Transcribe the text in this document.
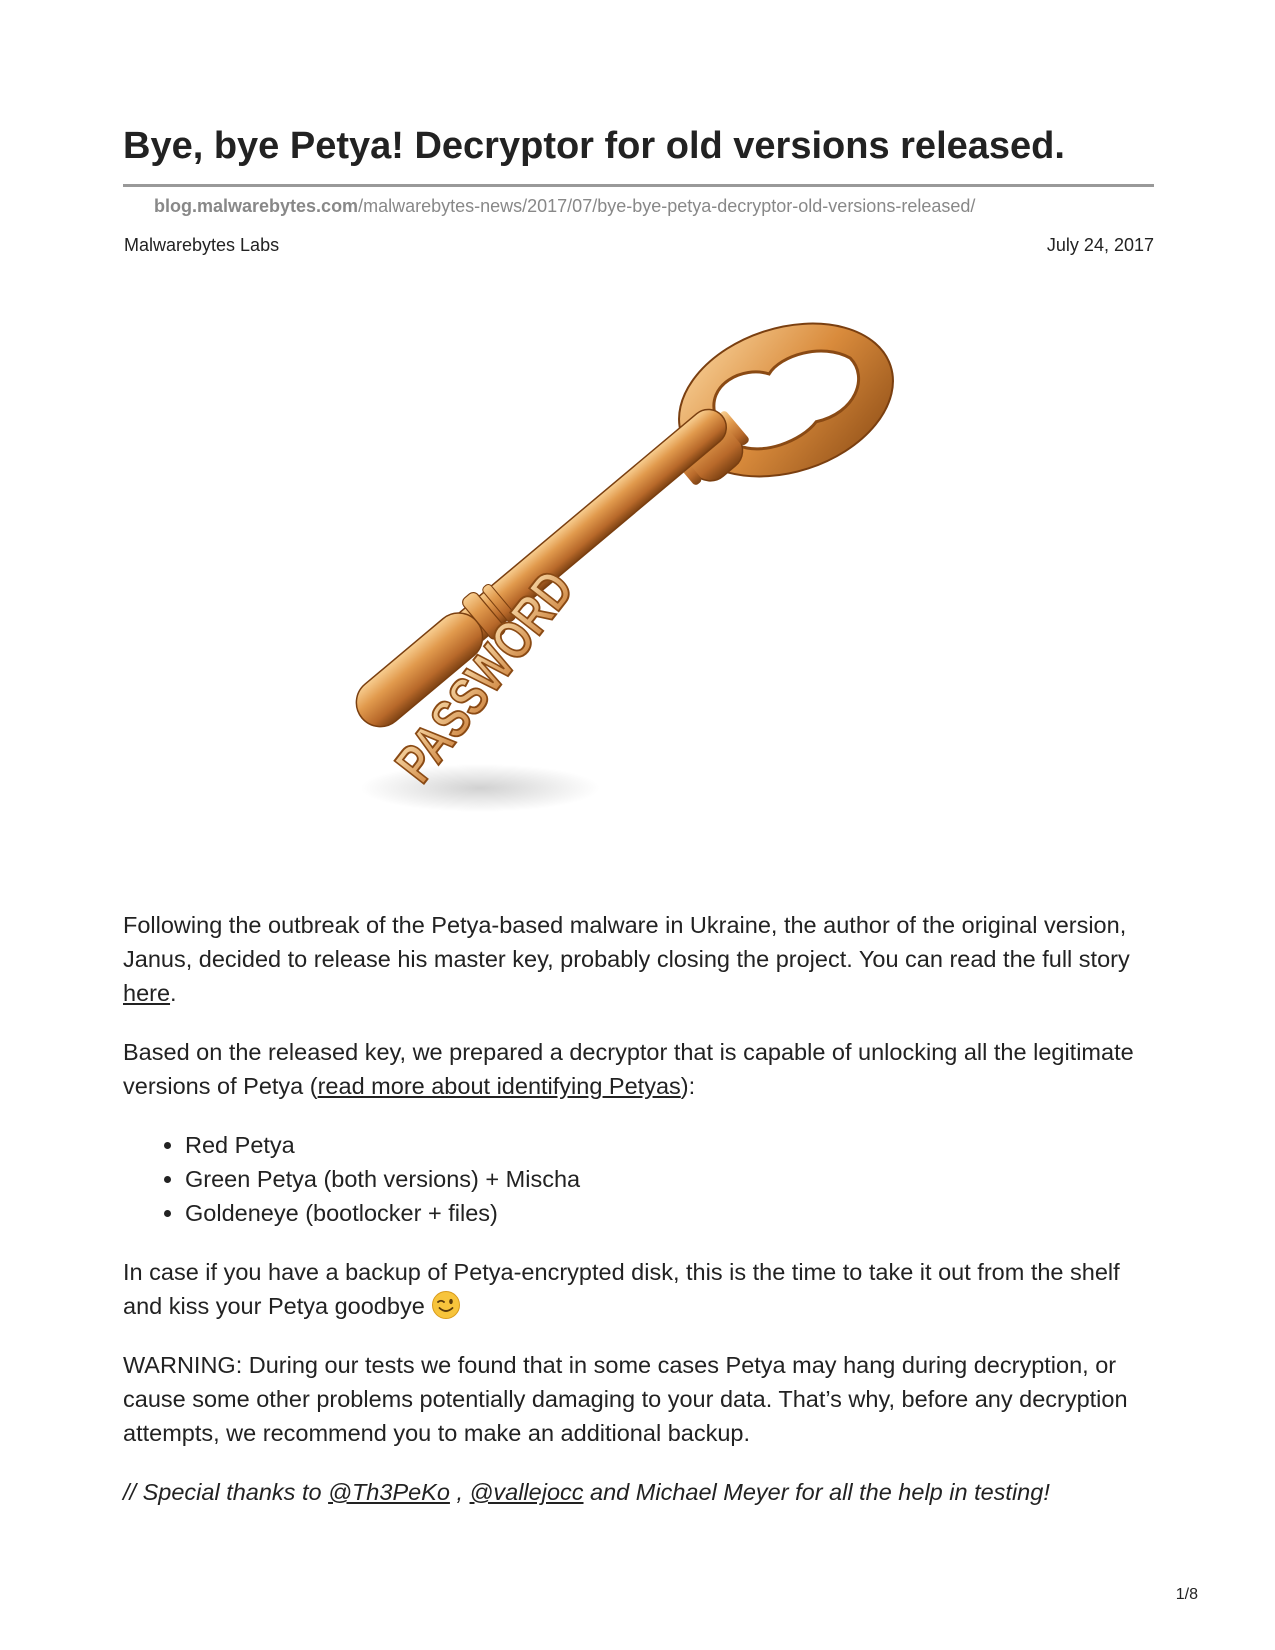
Bye, bye Petya! Decryptor for old versions released.
blog.malwarebytes.com/malwarebytes-news/2017/07/bye-bye-petya-decryptor-old-versions-released/
Malwarebytes Labs	July 24, 2017
PASSWORD

Following the outbreak of the Petya-based malware in Ukraine, the author of the original version, Janus, decided to release his master key, probably closing the project. You can read the full story here.

Based on the released key, we prepared a decryptor that is capable of unlocking all the legitimate versions of Petya (read more about identifying Petyas):

• Red Petya
• Green Petya (both versions) + Mischa
• Goldeneye (bootlocker + files)

In case if you have a backup of Petya-encrypted disk, this is the time to take it out from the shelf and kiss your Petya goodbye

WARNING: During our tests we found that in some cases Petya may hang during decryption, or cause some other problems potentially damaging to your data. That’s why, before any decryption attempts, we recommend you to make an additional backup.

// Special thanks to @Th3PeKo , @vallejocc and Michael Meyer for all the help in testing!

1/8
